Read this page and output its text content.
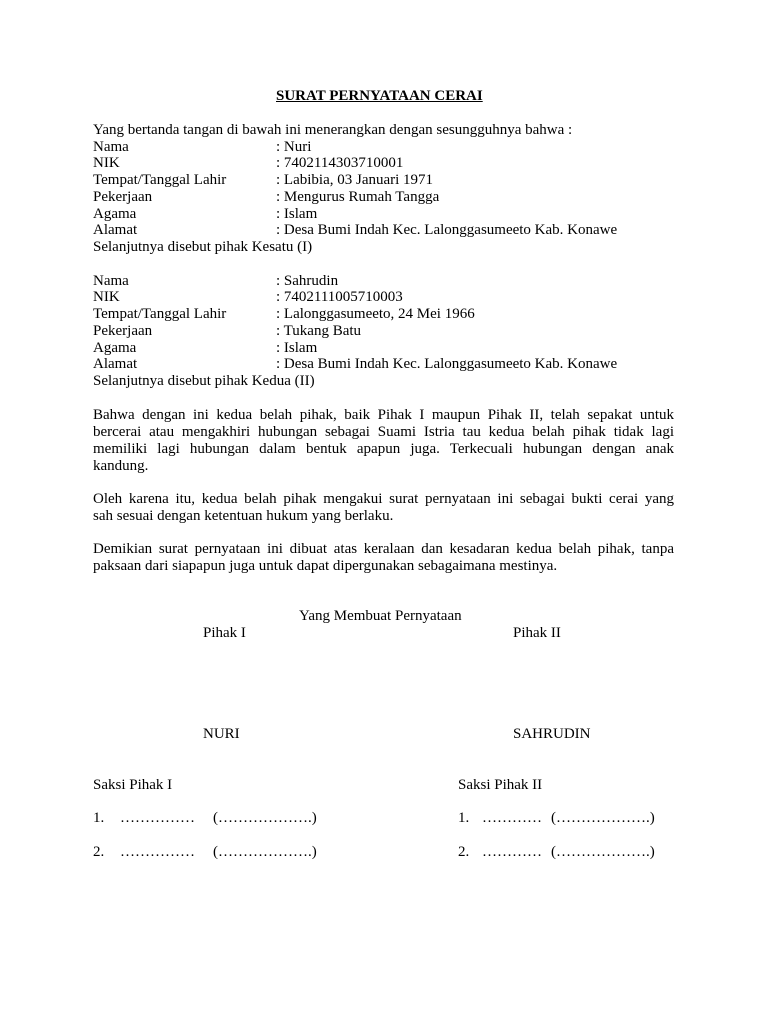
SURAT PERNYATAAN CERAI
Yang bertanda tangan di bawah ini menerangkan dengan sesungguhnya bahwa :
Nama	: Nuri
NIK	: 7402114303710001
Tempat/Tanggal Lahir	: Labibia, 03 Januari 1971
Pekerjaan	: Mengurus Rumah Tangga
Agama	: Islam
Alamat	: Desa Bumi Indah Kec. Lalonggasumeeto Kab. Konawe
Selanjutnya disebut pihak Kesatu (I)
Nama	: Sahrudin
NIK	: 7402111005710003
Tempat/Tanggal Lahir	: Lalonggasumeeto, 24 Mei 1966
Pekerjaan	: Tukang Batu
Agama	: Islam
Alamat	: Desa Bumi Indah Kec. Lalonggasumeeto Kab. Konawe
Selanjutnya disebut pihak Kedua (II)
Bahwa dengan ini kedua belah pihak, baik Pihak I maupun Pihak II, telah sepakat untuk
bercerai atau mengakhiri hubungan sebagai Suami Istria tau kedua belah pihak tidak lagi
memiliki lagi hubungan dalam bentuk apapun juga. Terkecuali hubungan dengan anak
kandung.
Oleh karena itu, kedua belah pihak mengakui surat pernyataan ini sebagai bukti cerai yang
sah sesuai dengan ketentuan hukum yang berlaku.
Demikian surat pernyataan ini dibuat atas keralaan dan kesadaran kedua belah pihak, tanpa
paksaan dari siapapun juga untuk dapat dipergunakan sebagaimana mestinya.
Yang Membuat Pernyataan
Pihak I	Pihak II
NURI	SAHRUDIN
Saksi Pihak I	Saksi Pihak II
1. …………… (……………….)	1. ………… (……………….)
2. …………… (……………….)	2. ………… (……………….)
